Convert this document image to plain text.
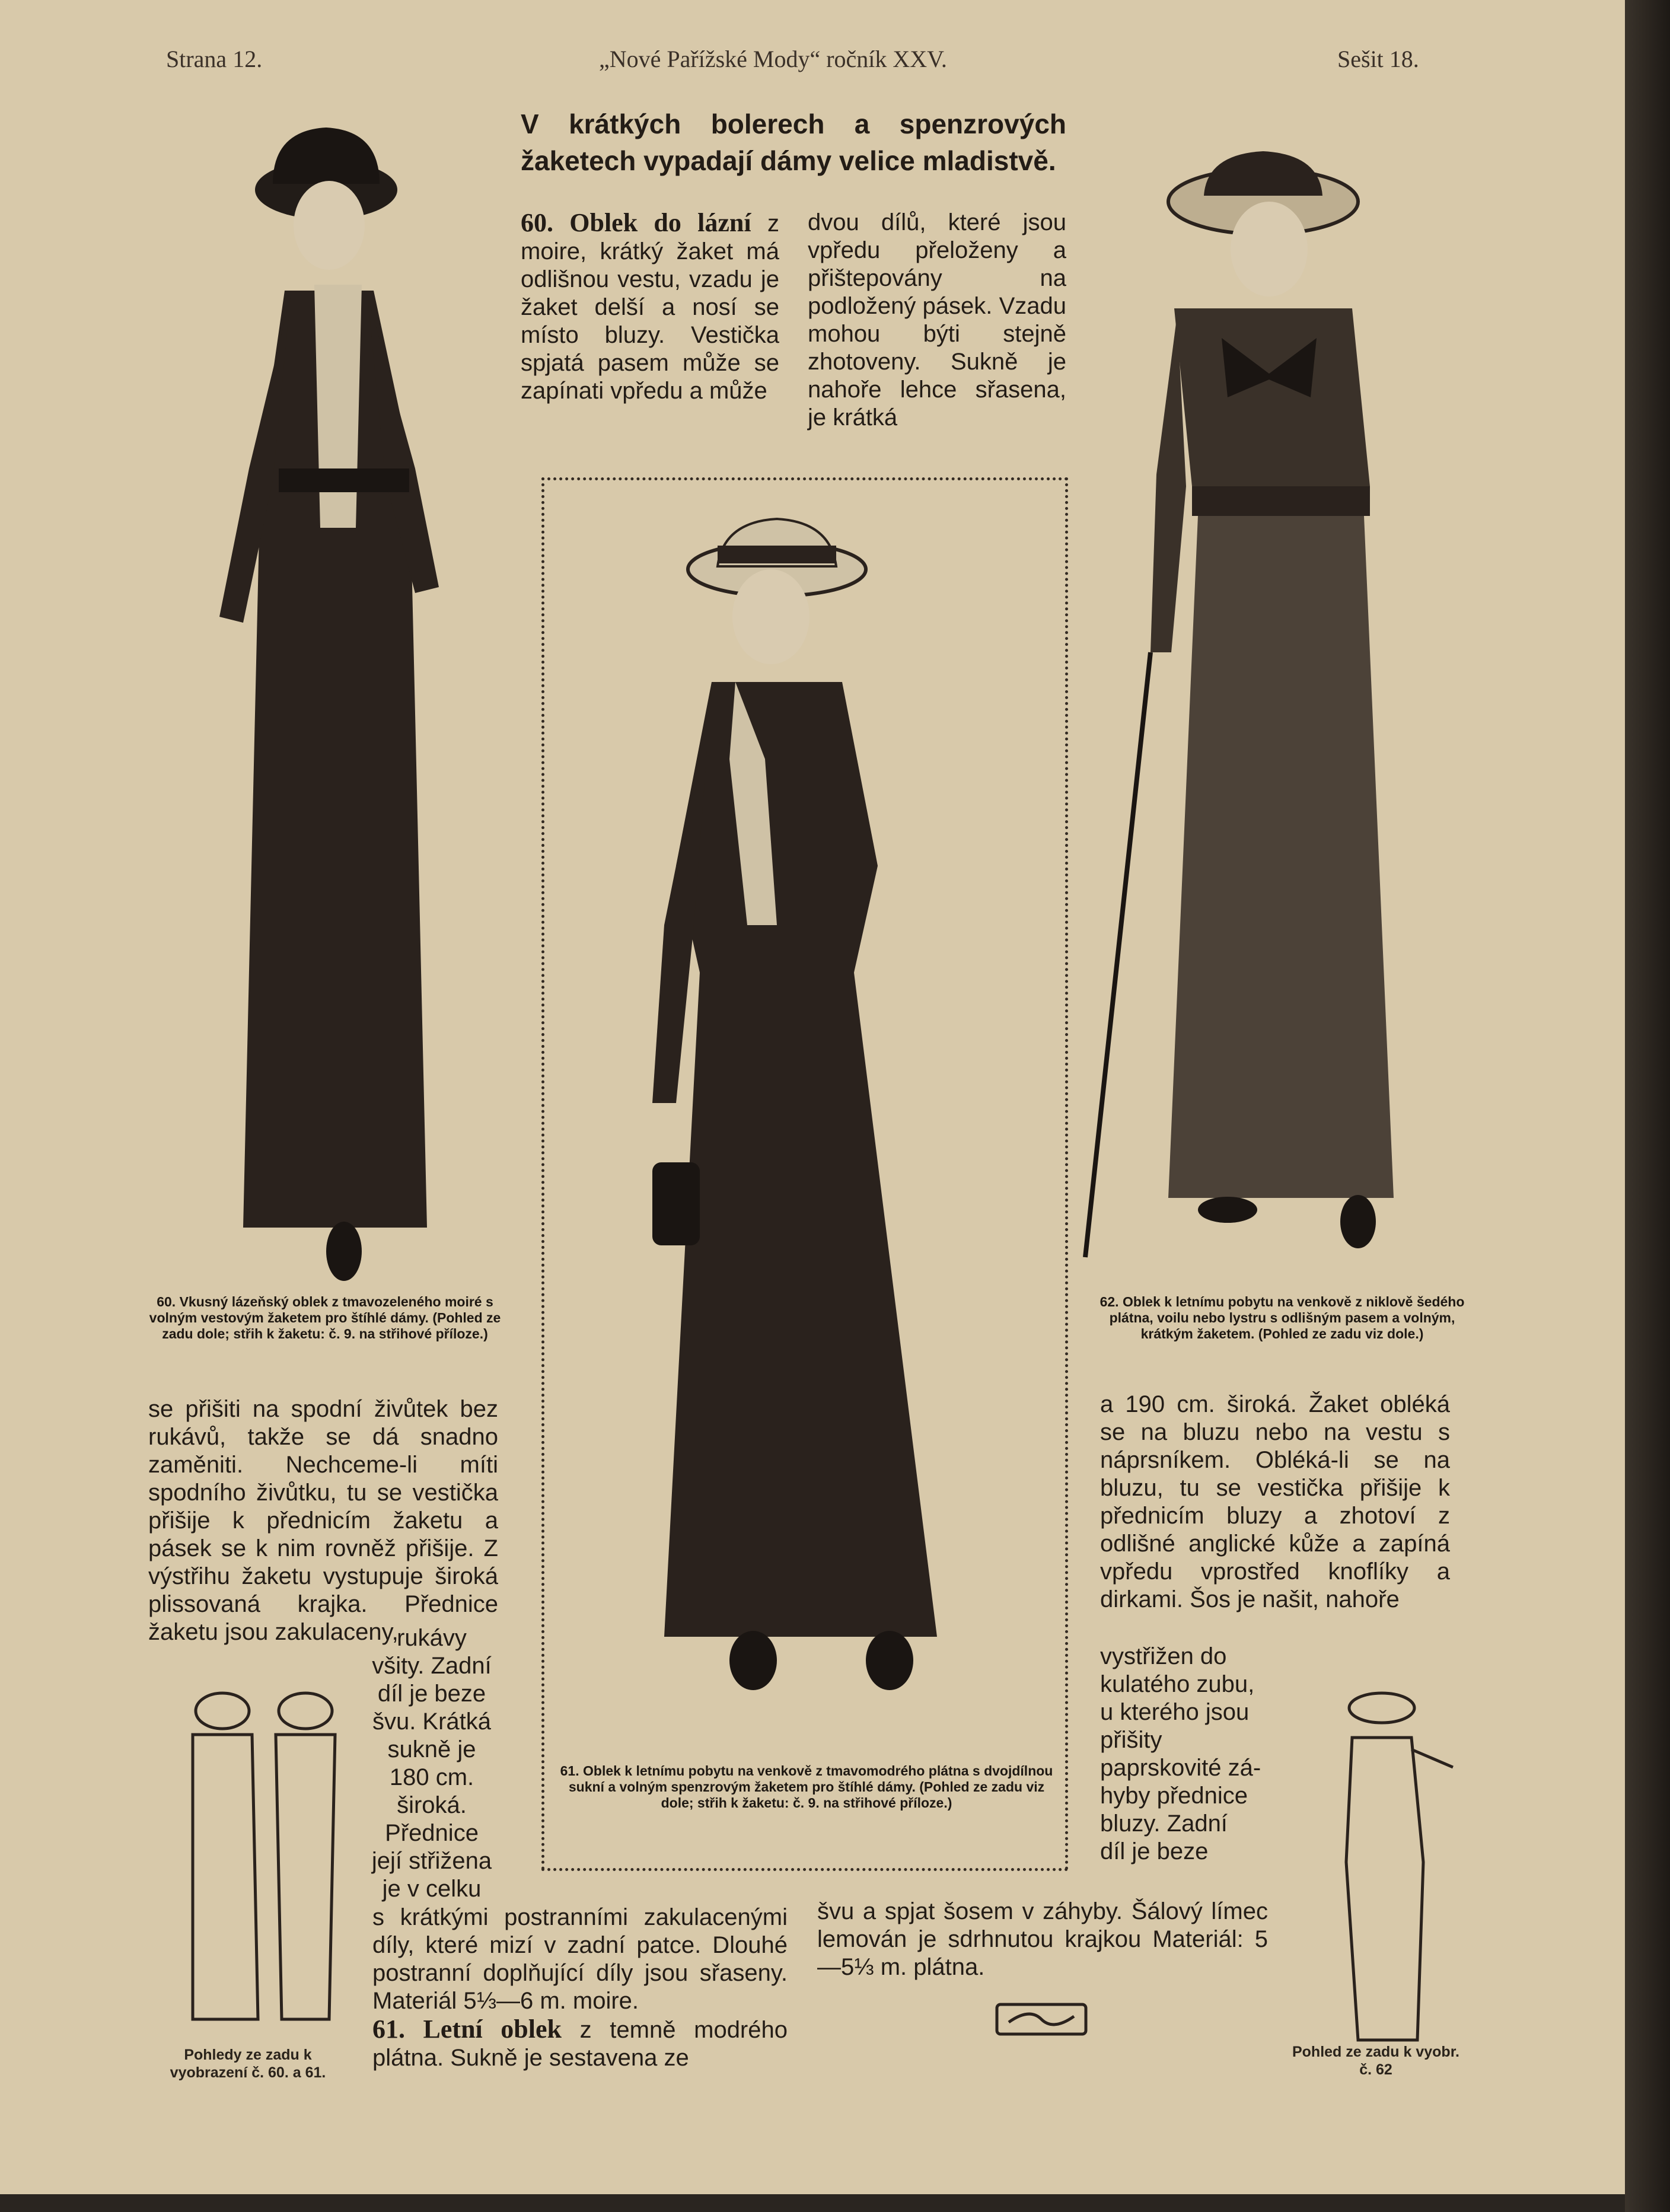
Strana 12.	„Nové Pařížské Mody“ ročník XXV.	Sešit 18.
V krátkých bolerech a spenzrových žaketech vypadají dámy velice mladistvě.

60. Oblek do lázní z moire, krátký žaket má odlišnou vestu, vzadu je žaket delší a nosí se místo bluzy. Vestička spjatá pasem může se zapínati vpředu a může

dvou dílů, které jsou vpředu přeloženy a přištepovány na podložený pásek. Vzadu mohou býti stejně zhotoveny. Sukně je nahoře lehce sřasena, je krátká

60. Vkusný lázeňský oblek z tmavozeleného moiré s volným vestovým žaketem pro štíhlé dámy. (Pohled ze zadu dole; střih k žaketu: č. 9. na střihové příloze.)
62. Oblek k letnímu pobytu na venkově z niklově šedého plátna, voilu nebo lystru s odlišným pasem a volným, krátkým žaketem. (Pohled ze zadu viz dole.)
61. Oblek k letnímu pobytu na venkově z tmavomodrého plátna s dvojdílnou sukní a volným spenzrovým žaketem pro štíhlé dámy. (Pohled ze zadu viz dole; střih k žaketu: č. 9. na střihové příloze.)

se přišiti na spodní živůtek bez rukávů, takže se dá snadno zaměniti. Nechceme-li míti spodního živůtku, tu se vestička přišije k přednicím žaketu a pásek se k nim rovněž přišije. Z výstřihu žaketu vystupuje široká plissovaná krajka. Přednice žaketu jsou zakulaceny,

Pohledy ze zadu k vyobrazení č. 60. a 61.

rukávy

všity. Zadní

díl je beze

švu. Krátká

sukně je

180 cm.

široká.

Přednice

její střižena

je v celku

s krátkými postranními zakulacenými díly, které mizí v zadní patce. Dlouhé postranní doplňující díly jsou sřaseny. Materiál 5⅓—6 m. moire.

61. Letní oblek z temně modrého plátna. Sukně je sestavena ze

a 190 cm. široká. Žaket obléká se na bluzu nebo na vestu s náprsníkem. Obléká-li se na bluzu, tu se vestička přišije k přednicím bluzy a zhotoví z odlišné anglické kůže a zapíná vpředu vprostřed knoflíky a dirkami. Šos je našit, nahoře

vystřižen do

kulatého zubu,

u kterého jsou

přišity paprskovité zá-

hyby přednice

bluzy. Zadní

díl je beze

švu a spjat šosem v záhyby. Šálový límec lemován je sdrhnutou krajkou Materiál: 5—5⅓ m. plátna.

Pohled ze zadu k vyobr. č. 62
